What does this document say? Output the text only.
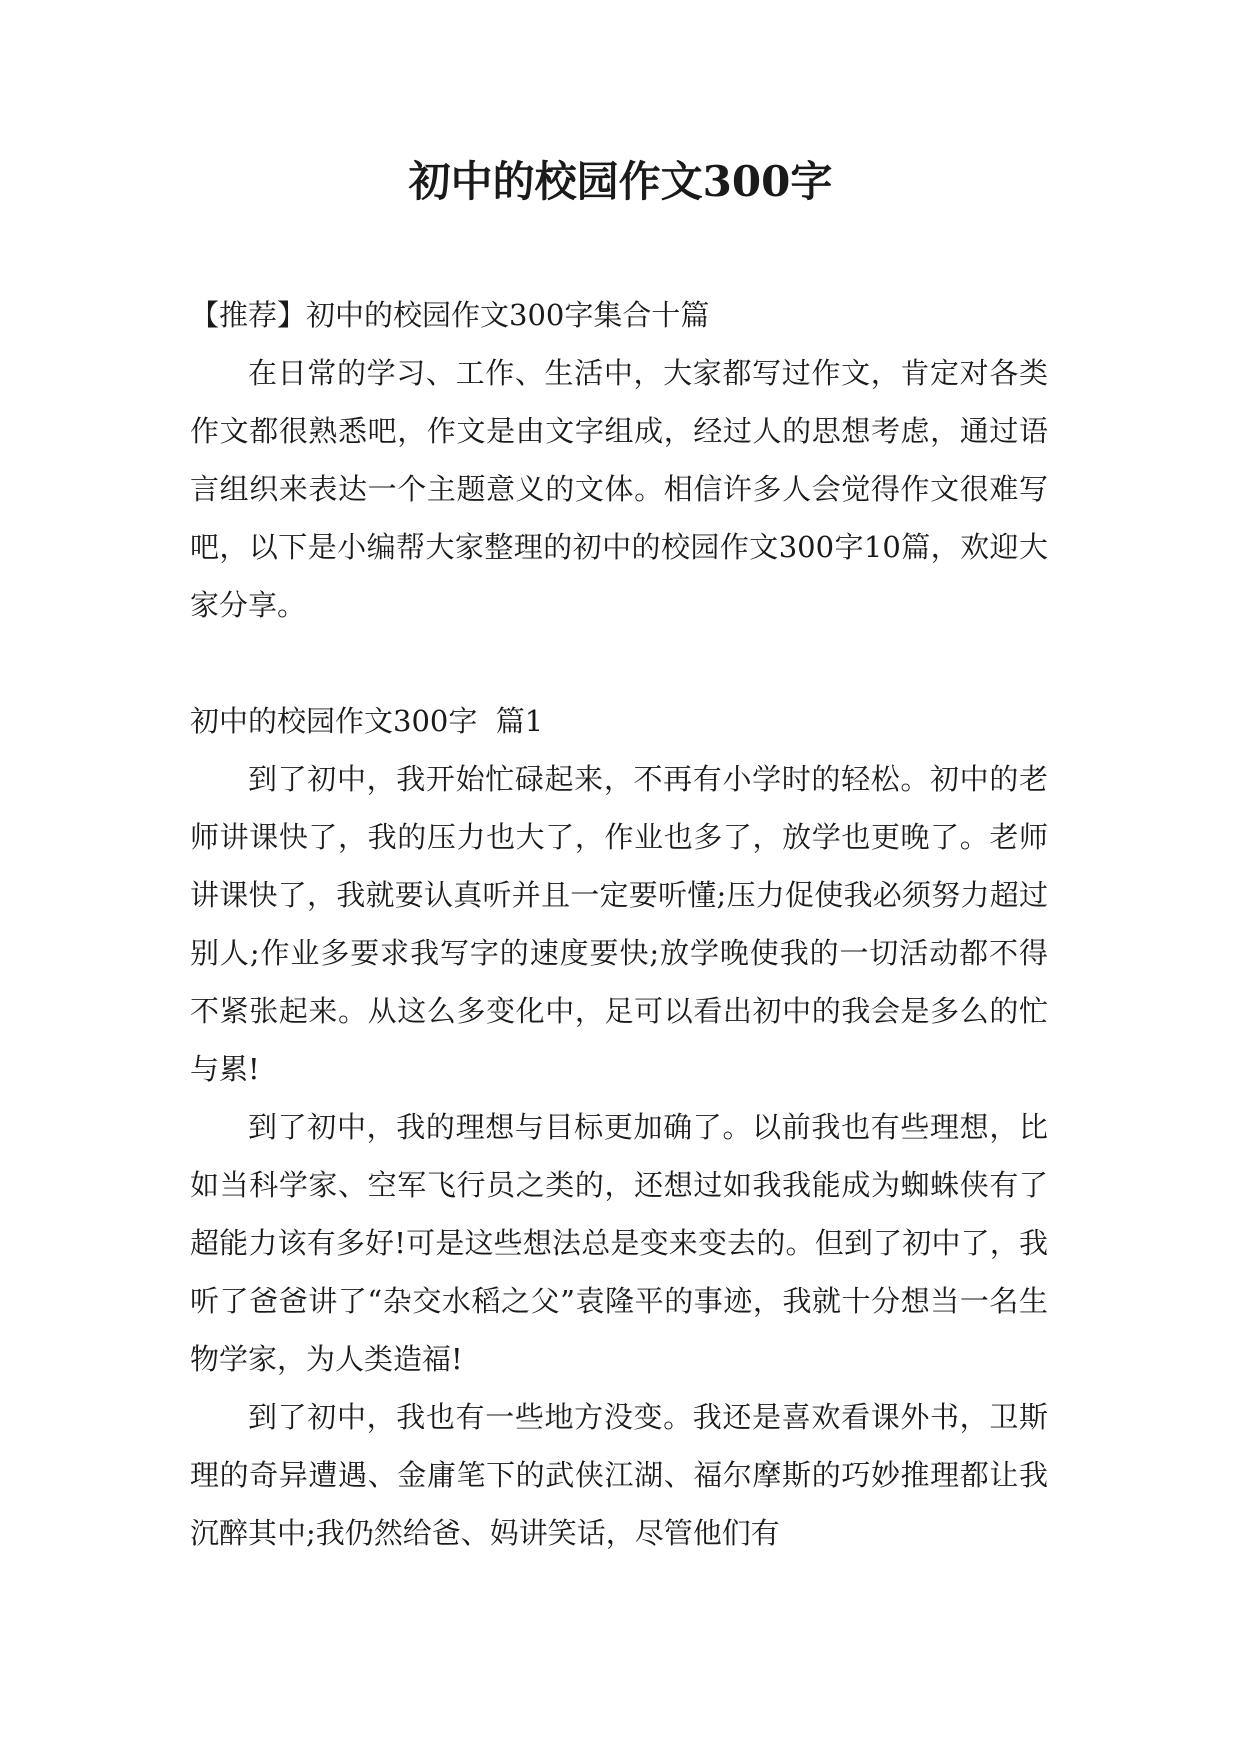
初中的校园作文300字

【推荐】初中的校园作文300字集合十篇

在日常的学习、工作、生活中，大家都写过作文，肯定对各类作文都很熟悉吧，作文是由文字组成，经过人的思想考虑，通过语言组织来表达一个主题意义的文体。相信许多人会觉得作文很难写吧，以下是小编帮大家整理的初中的校园作文300字10篇，欢迎大家分享。

初中的校园作文300字  篇1

到了初中，我开始忙碌起来，不再有小学时的轻松。初中的老师讲课快了，我的压力也大了，作业也多了，放学也更晚了。老师讲课快了，我就要认真听并且一定要听懂;压力促使我必须努力超过别人;作业多要求我写字的速度要快;放学晚使我的一切活动都不得不紧张起来。从这么多变化中，足可以看出初中的我会是多么的忙与累!

到了初中，我的理想与目标更加确了。以前我也有些理想，比如当科学家、空军飞行员之类的，还想过如我我能成为蜘蛛侠有了超能力该有多好!可是这些想法总是变来变去的。但到了初中了，我听了爸爸讲了“杂交水稻之父”袁隆平的事迹，我就十分想当一名生物学家，为人类造福!

到了初中，我也有一些地方没变。我还是喜欢看课外书，卫斯理的奇异遭遇、金庸笔下的武侠江湖、福尔摩斯的巧妙推理都让我沉醉其中;我仍然给爸、妈讲笑话，尽管他们有
